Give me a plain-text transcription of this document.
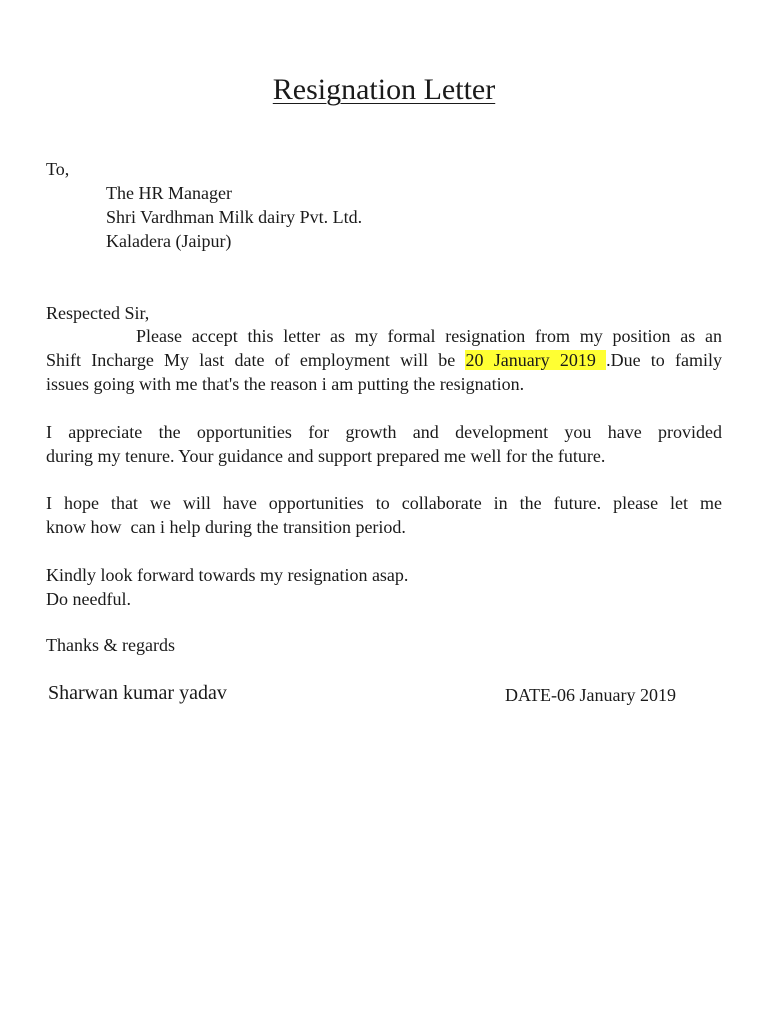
Resignation Letter
To,
The HR Manager
Shri Vardhman Milk dairy Pvt. Ltd.
Kaladera (Jaipur)
Respected Sir,
Please accept this letter as my formal resignation from my position as an
Shift Incharge My last date of employment will be 20 January 2019 .Due to family
issues going with me that's the reason i am putting the resignation.
I appreciate the opportunities for growth and development you have provided
during my tenure. Your guidance and support prepared me well for the future.
I hope that we will have opportunities to collaborate in the future. please let me
know how  can i help during the transition period.
Kindly look forward towards my resignation asap.
Do needful.
Thanks & regards
Sharwan kumar yadav	DATE-06 January 2019
